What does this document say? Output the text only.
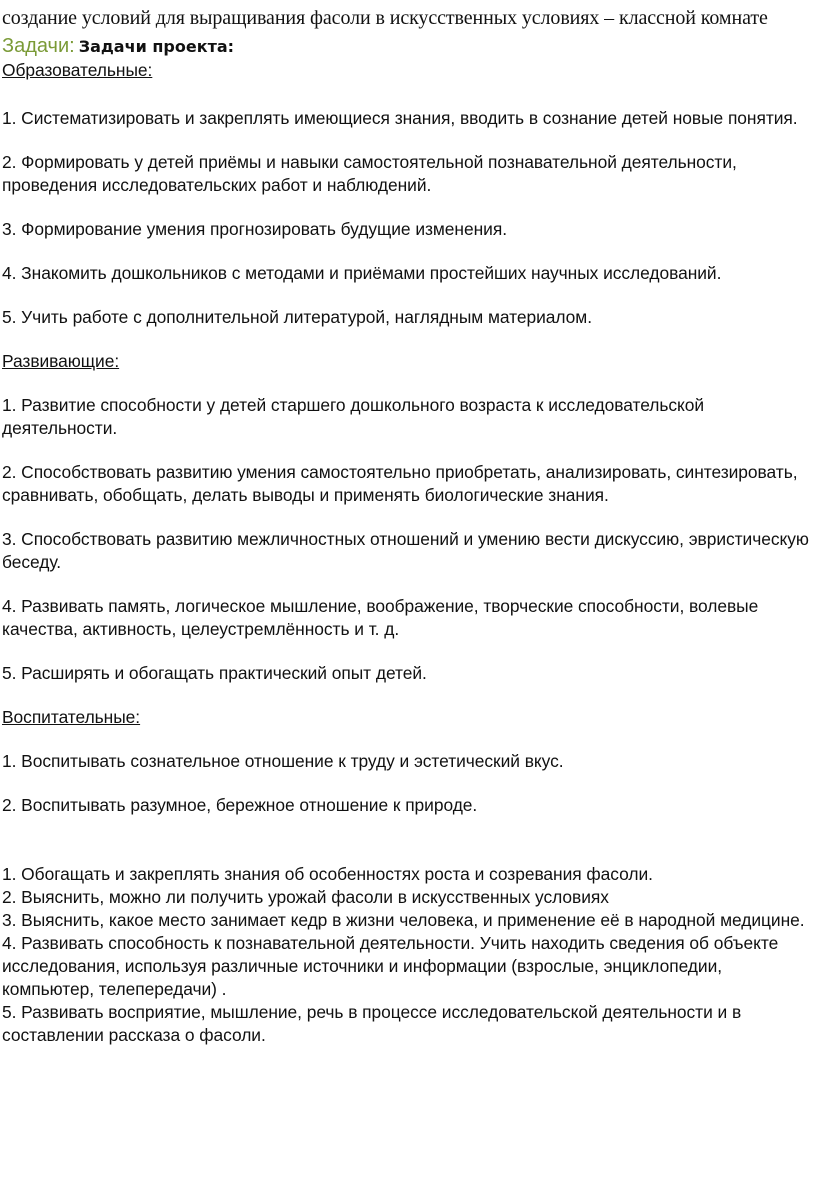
создание условий для выращивания фасоли в искусственных условиях – классной комнате

Задачи: Задачи проекта:

Образовательные:

1. Систематизировать и закреплять имеющиеся знания, вводить в сознание детей новые понятия.

2. Формировать у детей приёмы и навыки самостоятельной познавательной деятельности, проведения исследовательских работ и наблюдений.

3. Формирование умения прогнозировать будущие изменения.

4. Знакомить дошкольников с методами и приёмами простейших научных исследований.

5. Учить работе с дополнительной литературой, наглядным материалом.

Развивающие:

1. Развитие способности у детей старшего дошкольного возраста к исследовательской деятельности.

2. Способствовать развитию умения самостоятельно приобретать, анализировать, синтезировать, сравнивать, обобщать, делать выводы и применять биологические знания.

3. Способствовать развитию межличностных отношений и умению вести дискуссию, эвристическую беседу.

4. Развивать память, логическое мышление, воображение, творческие способности, волевые качества, активность, целеустремлённость и т. д.

5. Расширять и обогащать практический опыт детей.

Воспитательные:

1. Воспитывать сознательное отношение к труду и эстетический вкус.

2. Воспитывать разумное, бережное отношение к природе.

1. Обогащать и закреплять знания об особенностях роста и созревания фасоли.

2. Выяснить, можно ли получить урожай фасоли в искусственных условиях

3. Выяснить, какое место занимает кедр в жизни человека, и применение её в народной медицине.

4. Развивать способность к познавательной деятельности. Учить находить сведения об объекте исследования, используя различные источники и информации (взрослые, энциклопедии, компьютер, телепередачи) .

5. Развивать восприятие, мышление, речь в процессе исследовательской деятельности и в составлении рассказа о фасоли.
